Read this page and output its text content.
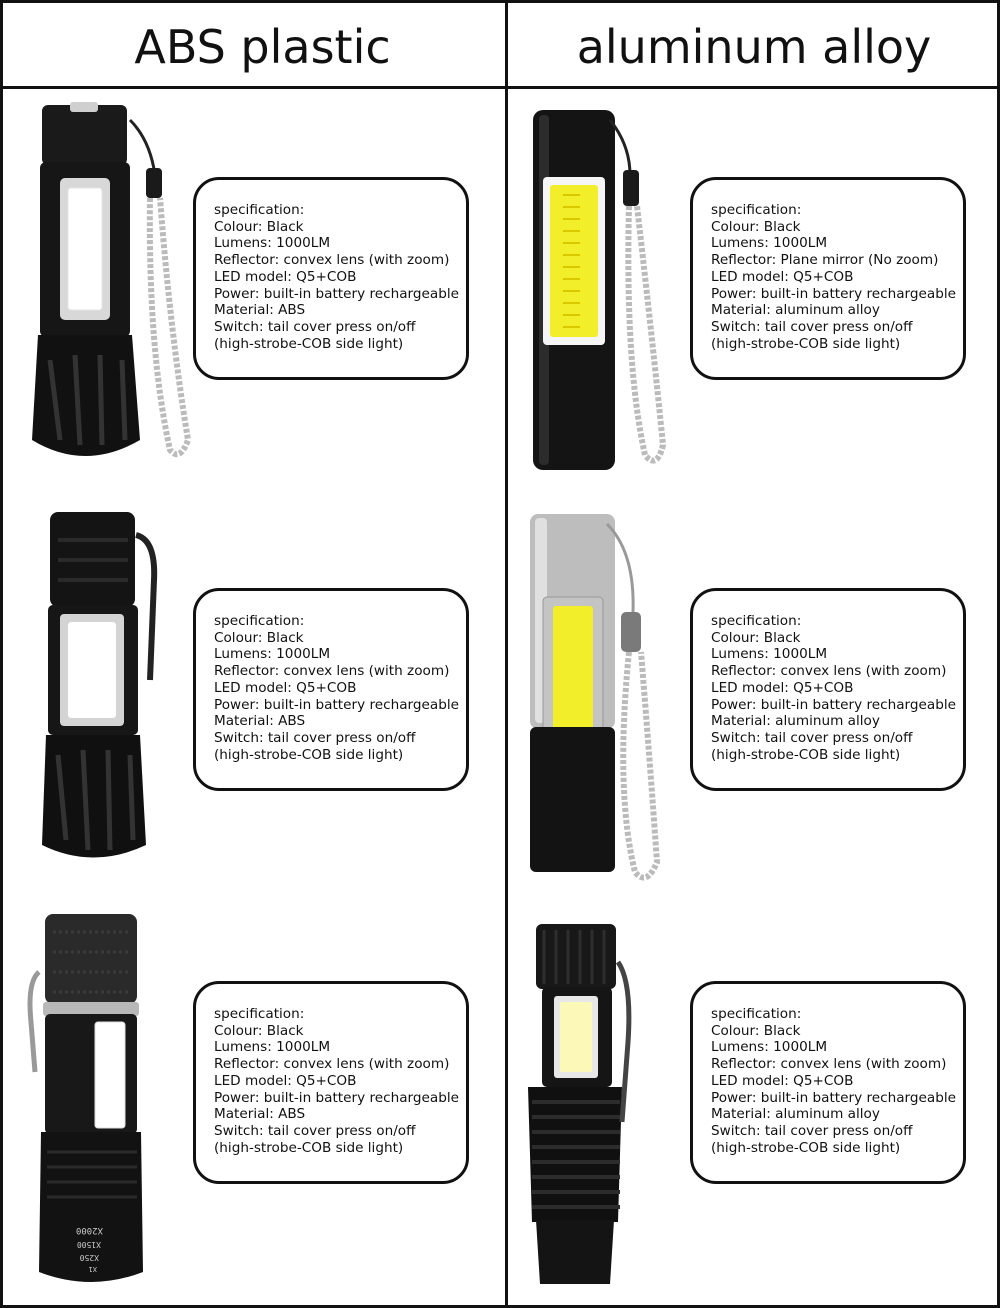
ABS plastic	aluminum alloy
specification:
Colour: Black
Lumens: 1000LM
Reflector: convex lens (with zoom)
LED model: Q5+COB
Power: built-in battery rechargeable
Material: ABS
Switch: tail cover press on/off
(high-strobe-COB side light)
specification:
Colour: Black
Lumens: 1000LM
Reflector: Plane mirror (No zoom)
LED model: Q5+COB
Power: built-in battery rechargeable
Material: aluminum alloy
Switch: tail cover press on/off
(high-strobe-COB side light)
specification:
Colour: Black
Lumens: 1000LM
Reflector: convex lens (with zoom)
LED model: Q5+COB
Power: built-in battery rechargeable
Material: ABS
Switch: tail cover press on/off
(high-strobe-COB side light)
specification:
Colour: Black
Lumens: 1000LM
Reflector: convex lens (with zoom)
LED model: Q5+COB
Power: built-in battery rechargeable
Material: aluminum alloy
Switch: tail cover press on/off
(high-strobe-COB side light)
X2000
X1500
X250
X1
specification:
Colour: Black
Lumens: 1000LM
Reflector: convex lens (with zoom)
LED model: Q5+COB
Power: built-in battery rechargeable
Material: ABS
Switch: tail cover press on/off
(high-strobe-COB side light)
specification:
Colour: Black
Lumens: 1000LM
Reflector: convex lens (with zoom)
LED model: Q5+COB
Power: built-in battery rechargeable
Material: aluminum alloy
Switch: tail cover press on/off
(high-strobe-COB side light)
